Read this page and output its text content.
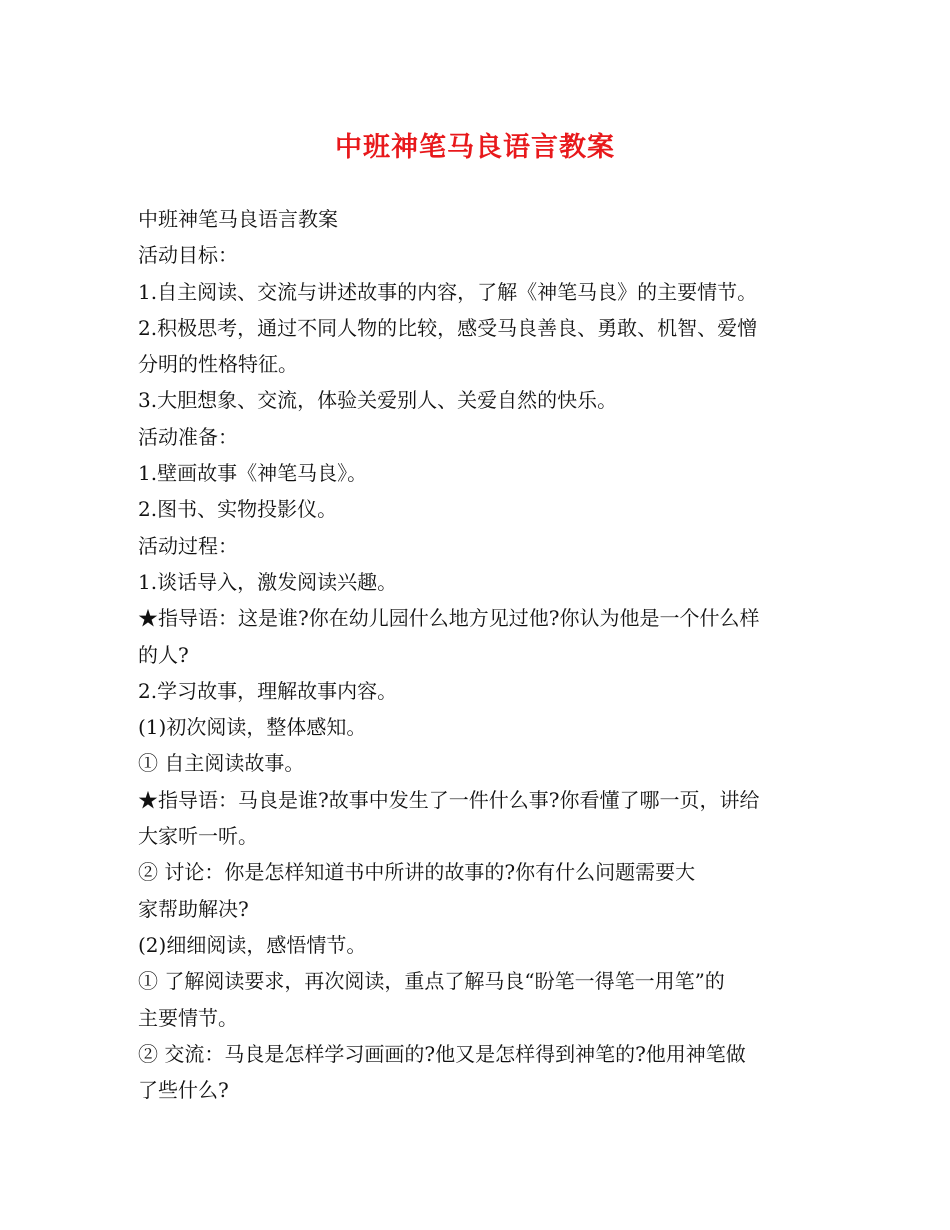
中班神笔马良语言教案
中班神笔马良语言教案
活动目标：
1.自主阅读、交流与讲述故事的内容，了解《神笔马良》的主要情节。
2.积极思考，通过不同人物的比较，感受马良善良、勇敢、机智、爱憎
分明的性格特征。
3.大胆想象、交流，体验关爱别人、关爱自然的快乐。
活动准备：
1.壁画故事《神笔马良》。
2.图书、实物投影仪。
活动过程：
1.谈话导入，激发阅读兴趣。
★指导语：这是谁?你在幼儿园什么地方见过他?你认为他是一个什么样
的人?
2.学习故事，理解故事内容。
(1)初次阅读，整体感知。
① 自主阅读故事。
★指导语：马良是谁?故事中发生了一件什么事?你看懂了哪一页，讲给
大家听一听。
② 讨论：你是怎样知道书中所讲的故事的?你有什么问题需要大
家帮助解决?
(2)细细阅读，感悟情节。
① 了解阅读要求，再次阅读，重点了解马良“盼笔一得笔一用笔”的
主要情节。
② 交流：马良是怎样学习画画的?他又是怎样得到神笔的?他用神笔做
了些什么?
